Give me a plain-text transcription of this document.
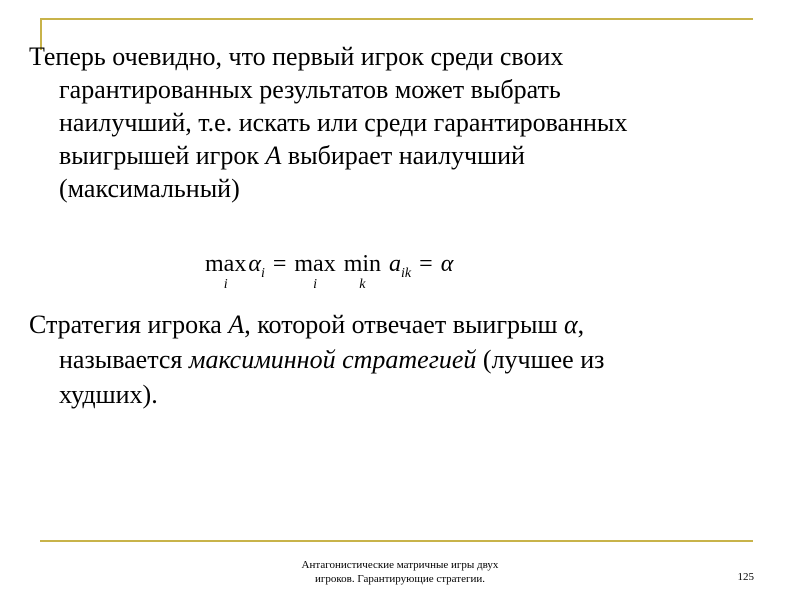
Теперь очевидно, что первый игрок среди своих
гарантированных результатов может выбрать
наилучший, т.е. искать или среди гарантированных
выигрышей игрок A выбирает наилучший
(максимальный)

max
i
$\alpha_i = \max$
i
min
k
$a_{ik} = \alpha$

Стратегия игрока A, которой отвечает выигрыш α,
называется максиминной стратегией (лучшее из
худших).

Антагонистические матричные игры двух
игроков. Гарантирующие стратегии.	125
